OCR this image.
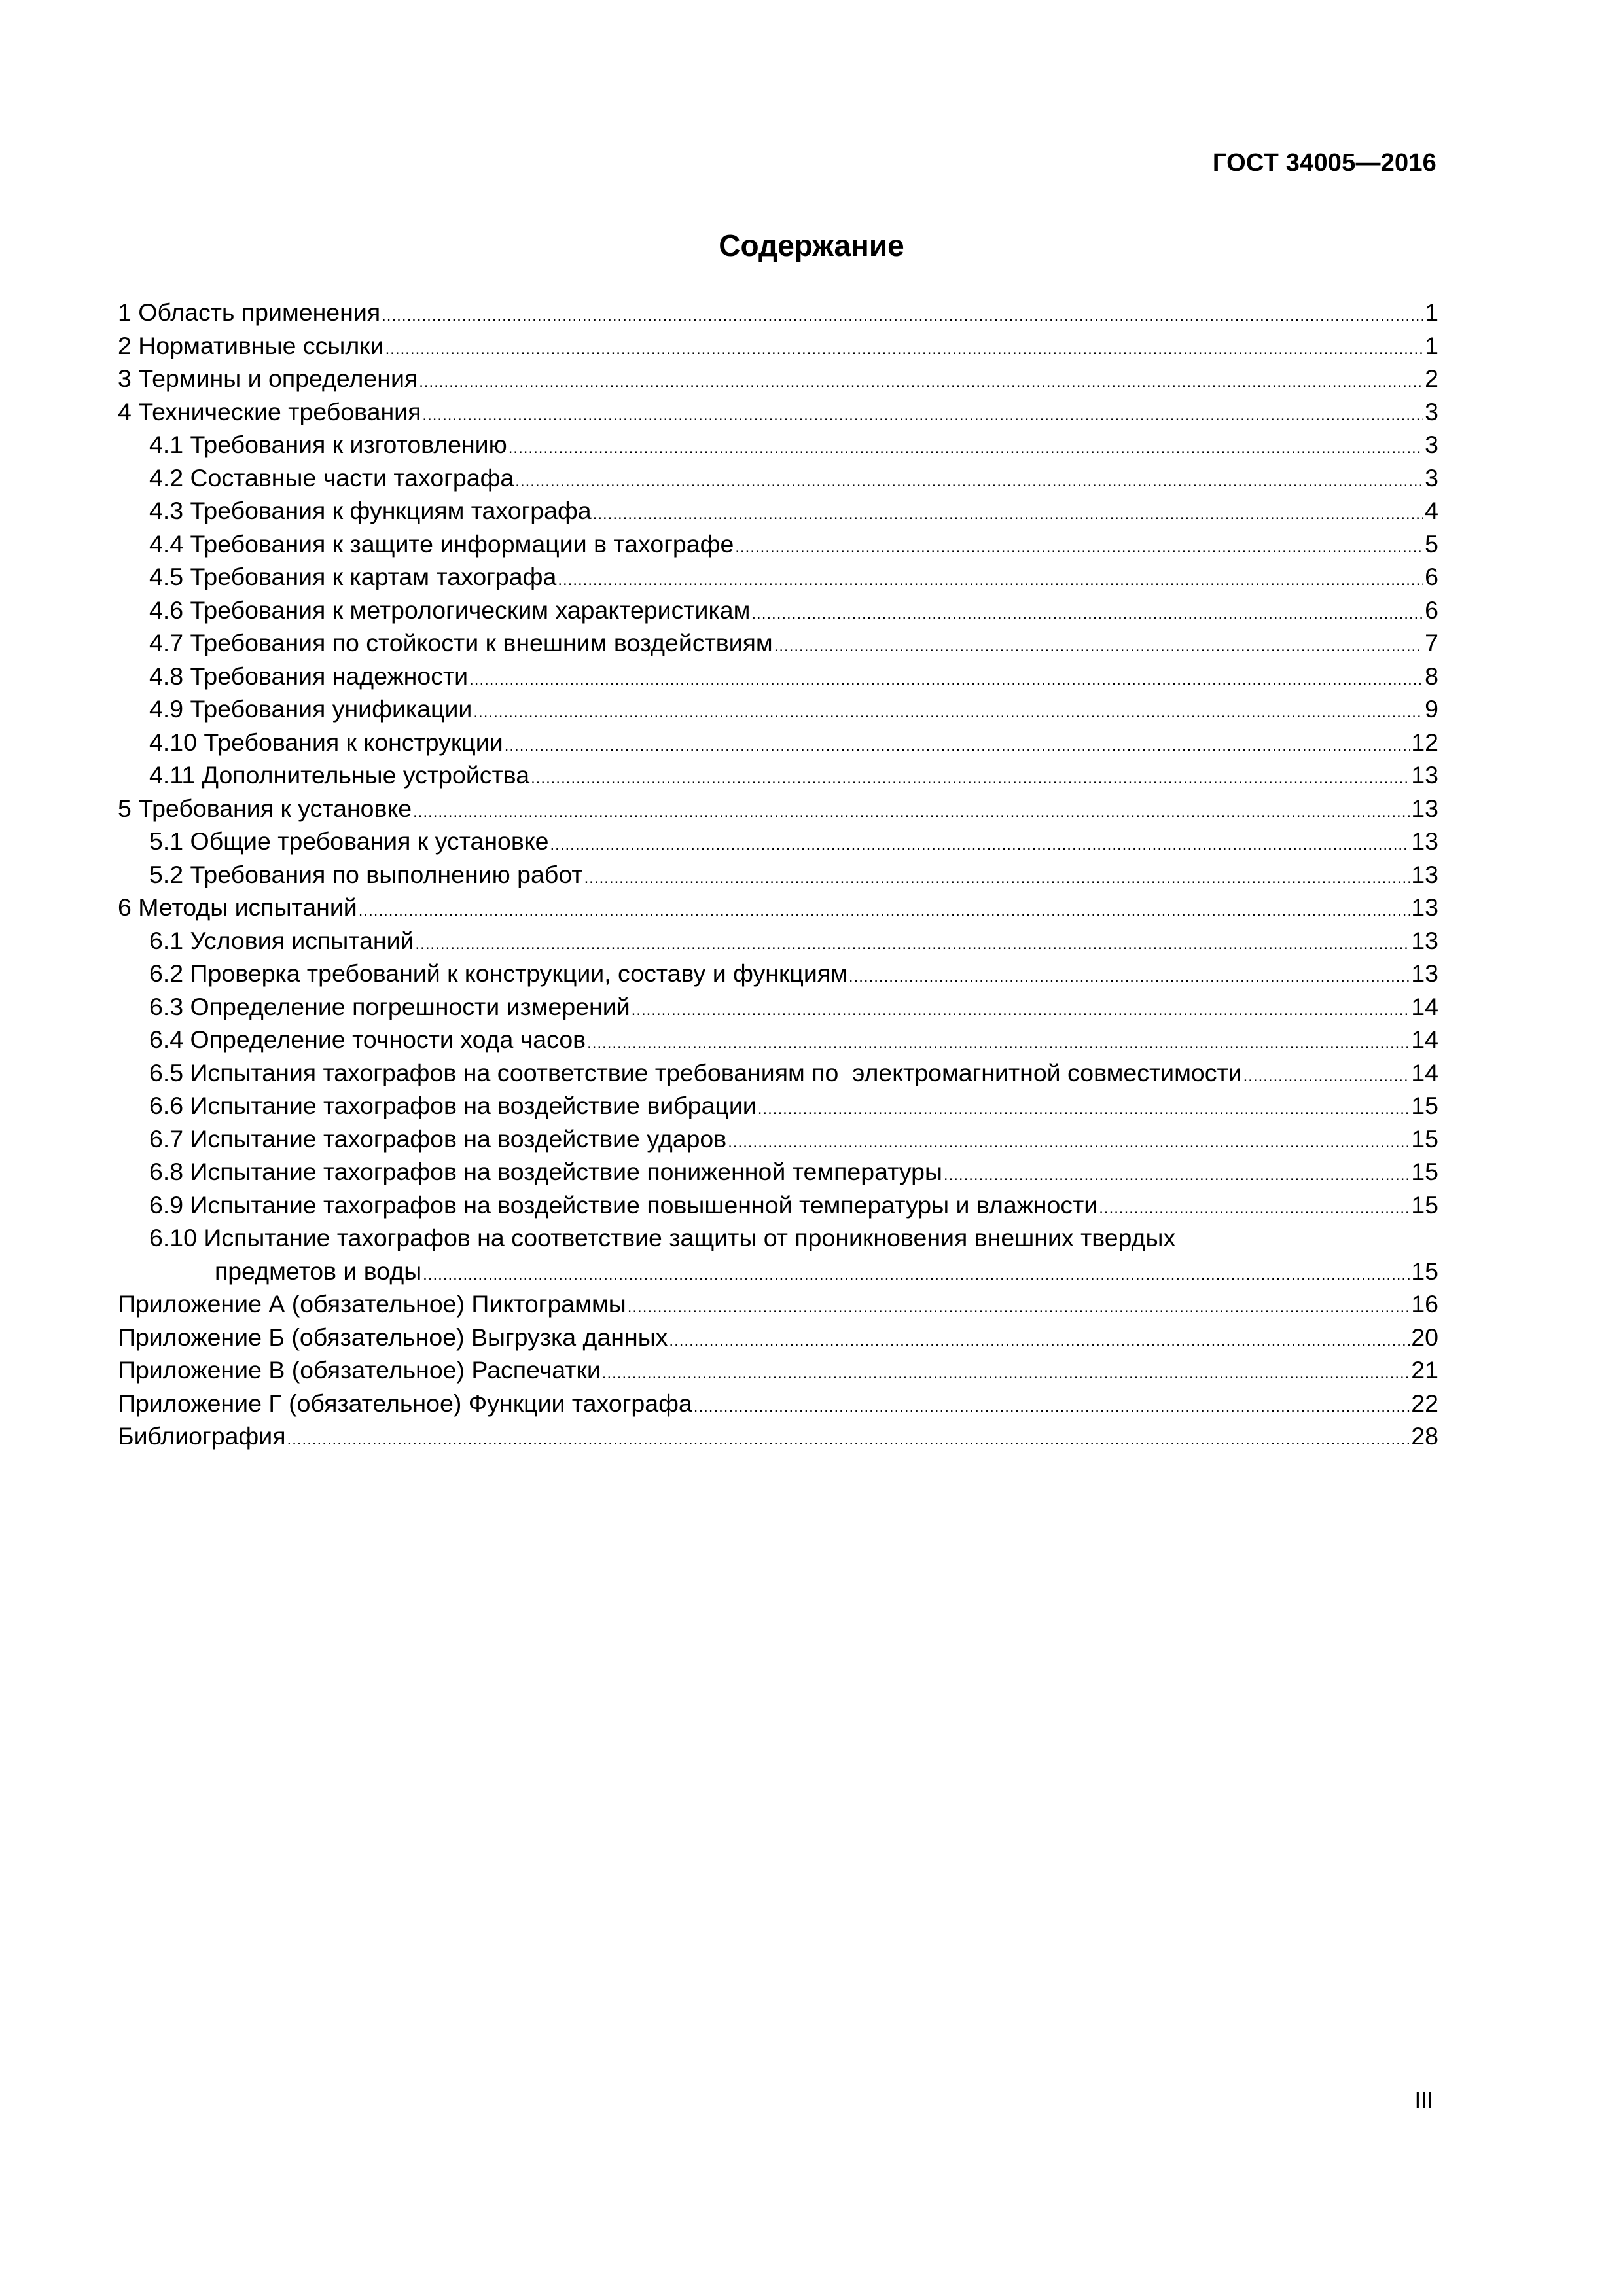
ГОСТ 34005—2016
Содержание
1 Область применения .....	1
2 Нормативные ссылки .....	1
3 Термины и определения .....	2
4 Технические требования .....	3
4.1 Требования к изготовлению .....	3
4.2 Составные части тахографа .....	3
4.3 Требования к функциям тахографа .....	4
4.4 Требования к защите информации в тахографе .....	5
4.5 Требования к картам тахографа .....	6
4.6 Требования к метрологическим характеристикам .....	6
4.7 Требования по стойкости к внешним воздействиям .....	7
4.8 Требования надежности .....	8
4.9 Требования унификации .....	9
4.10 Требования к конструкции .....	12
4.11 Дополнительные устройства .....	13
5 Требования к установке .....	13
5.1 Общие требования к установке .....	13
5.2 Требования по выполнению работ .....	13
6 Методы испытаний .....	13
6.1 Условия испытаний .....	13
6.2 Проверка требований к конструкции, составу и функциям .....	13
6.3 Определение погрешности измерений .....	14
6.4 Определение точности хода часов .....	14
6.5 Испытания тахографов на соответствие требованиям по  электромагнитной совместимости .....	14
6.6 Испытание тахографов на воздействие вибрации .....	15
6.7 Испытание тахографов на воздействие ударов .....	15
6.8 Испытание тахографов на воздействие пониженной температуры .....	15
6.9 Испытание тахографов на воздействие повышенной температуры и влажности .....	15
6.10 Испытание тахографов на соответствие защиты от проникновения внешних твердых
предметов и воды .....	15
Приложение А (обязательное) Пиктограммы .....	16
Приложение Б (обязательное) Выгрузка данных .....	20
Приложение В (обязательное) Распечатки .....	21
Приложение Г (обязательное) Функции тахографа .....	22
Библиография .....	28
III
